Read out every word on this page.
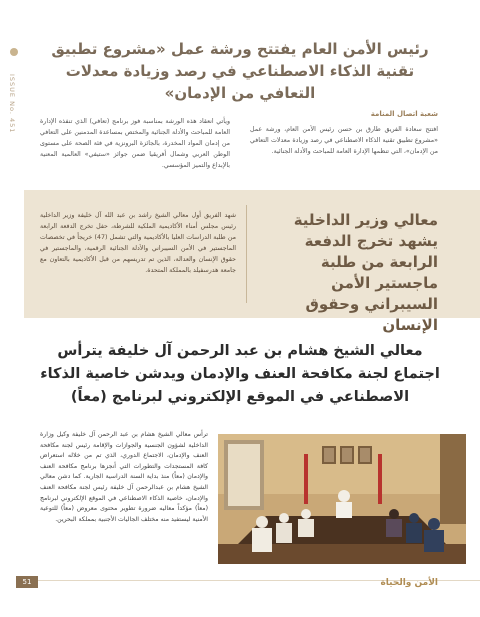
ISSUE No. 451
رئيس الأمن العام يفتتح ورشة عمل «مشروع تطبيق تقنية الذكاء الاصطناعي في رصد وزيادة معدلات التعافي من الإدمان»
شعبة اتصال المنامة
افتتح سعادة الفريق طارق بن حسن رئيس الأمن العام، ورشة عمل «مشروع تطبيق تقنية الذكاء الاصطناعي في رصد وزيادة معدلات التعافي من الإدمان»، التي تنظمها الإدارة العامة للمباحث والأدلة الجنائية.
ويأتي انعقاد هذه الورشة بمناسبة فوز برنامج (تعافي) الذي تنفذه الإدارة العامة للمباحث والأدلة الجنائية والمختص بمساعدة المدمنين على التعافي من إدمان المواد المخدرة، بالجائزة البرونزية في فئة الصحة على مستوى الوطن العربي وشمال أفريقيا ضمن جوائز «ستيفي» العالمية المعنية بالإبداع والتميز المؤسسي.
معالي وزير الداخلية يشهد تخرج الدفعة الرابعة من طلبة ماجستير الأمن السيبراني وحقوق الإنسان
شهد الفريق أول معالي الشيخ راشد بن عبد الله آل خليفة وزير الداخلية رئيس مجلس أمناء الأكاديمية الملكية للشرطة، حفل تخرج الدفعة الرابعة من طلبة الدراسات العليا بالأكاديمية والتي تشمل (47) خريجاً في تخصصات الماجستير في الأمن السيبراني والأدلة الجنائية الرقمية، والماجستير في حقوق الإنسان والعدالة، الذين تم تدريسهم من قبل الأكاديمية بالتعاون مع جامعة هدرسفيلد بالمملكة المتحدة.
معالي الشيخ هشام بن عبد الرحمن آل خليفة يترأس اجتماع لجنة مكافحة العنف والإدمان ويدشن خاصية الذكاء الاصطناعي في الموقع الإلكتروني لبرنامج (معاً)
ترأس معالي الشيخ هشام بن عبد الرحمن آل خليفة وكيل وزارة الداخلية لشؤون الجنسية والجوازات والإقامة رئيس لجنة مكافحة العنف والإدمان، الاجتماع الدوري، الذي تم من خلاله استعراض كافة المستجدات والتطورات التي أنجزها برنامج مكافحة العنف والإدمان (معاً) منذ بداية السنة الدراسية الجارية. كما دشن معالي الشيخ هشام بن عبدالرحمن آل خليفة رئيس لجنة مكافحة العنف والإدمان، خاصية الذكاء الاصطناعي في الموقع الإلكتروني لبرنامج (معاً) مؤكداً معاليه ضرورة تطوير محتوى معروض (معاً) للتوعية الأمنية ليستفيد منه مختلف الجاليات الأجنبية بمملكة البحرين.
الأمن والحياة
51
